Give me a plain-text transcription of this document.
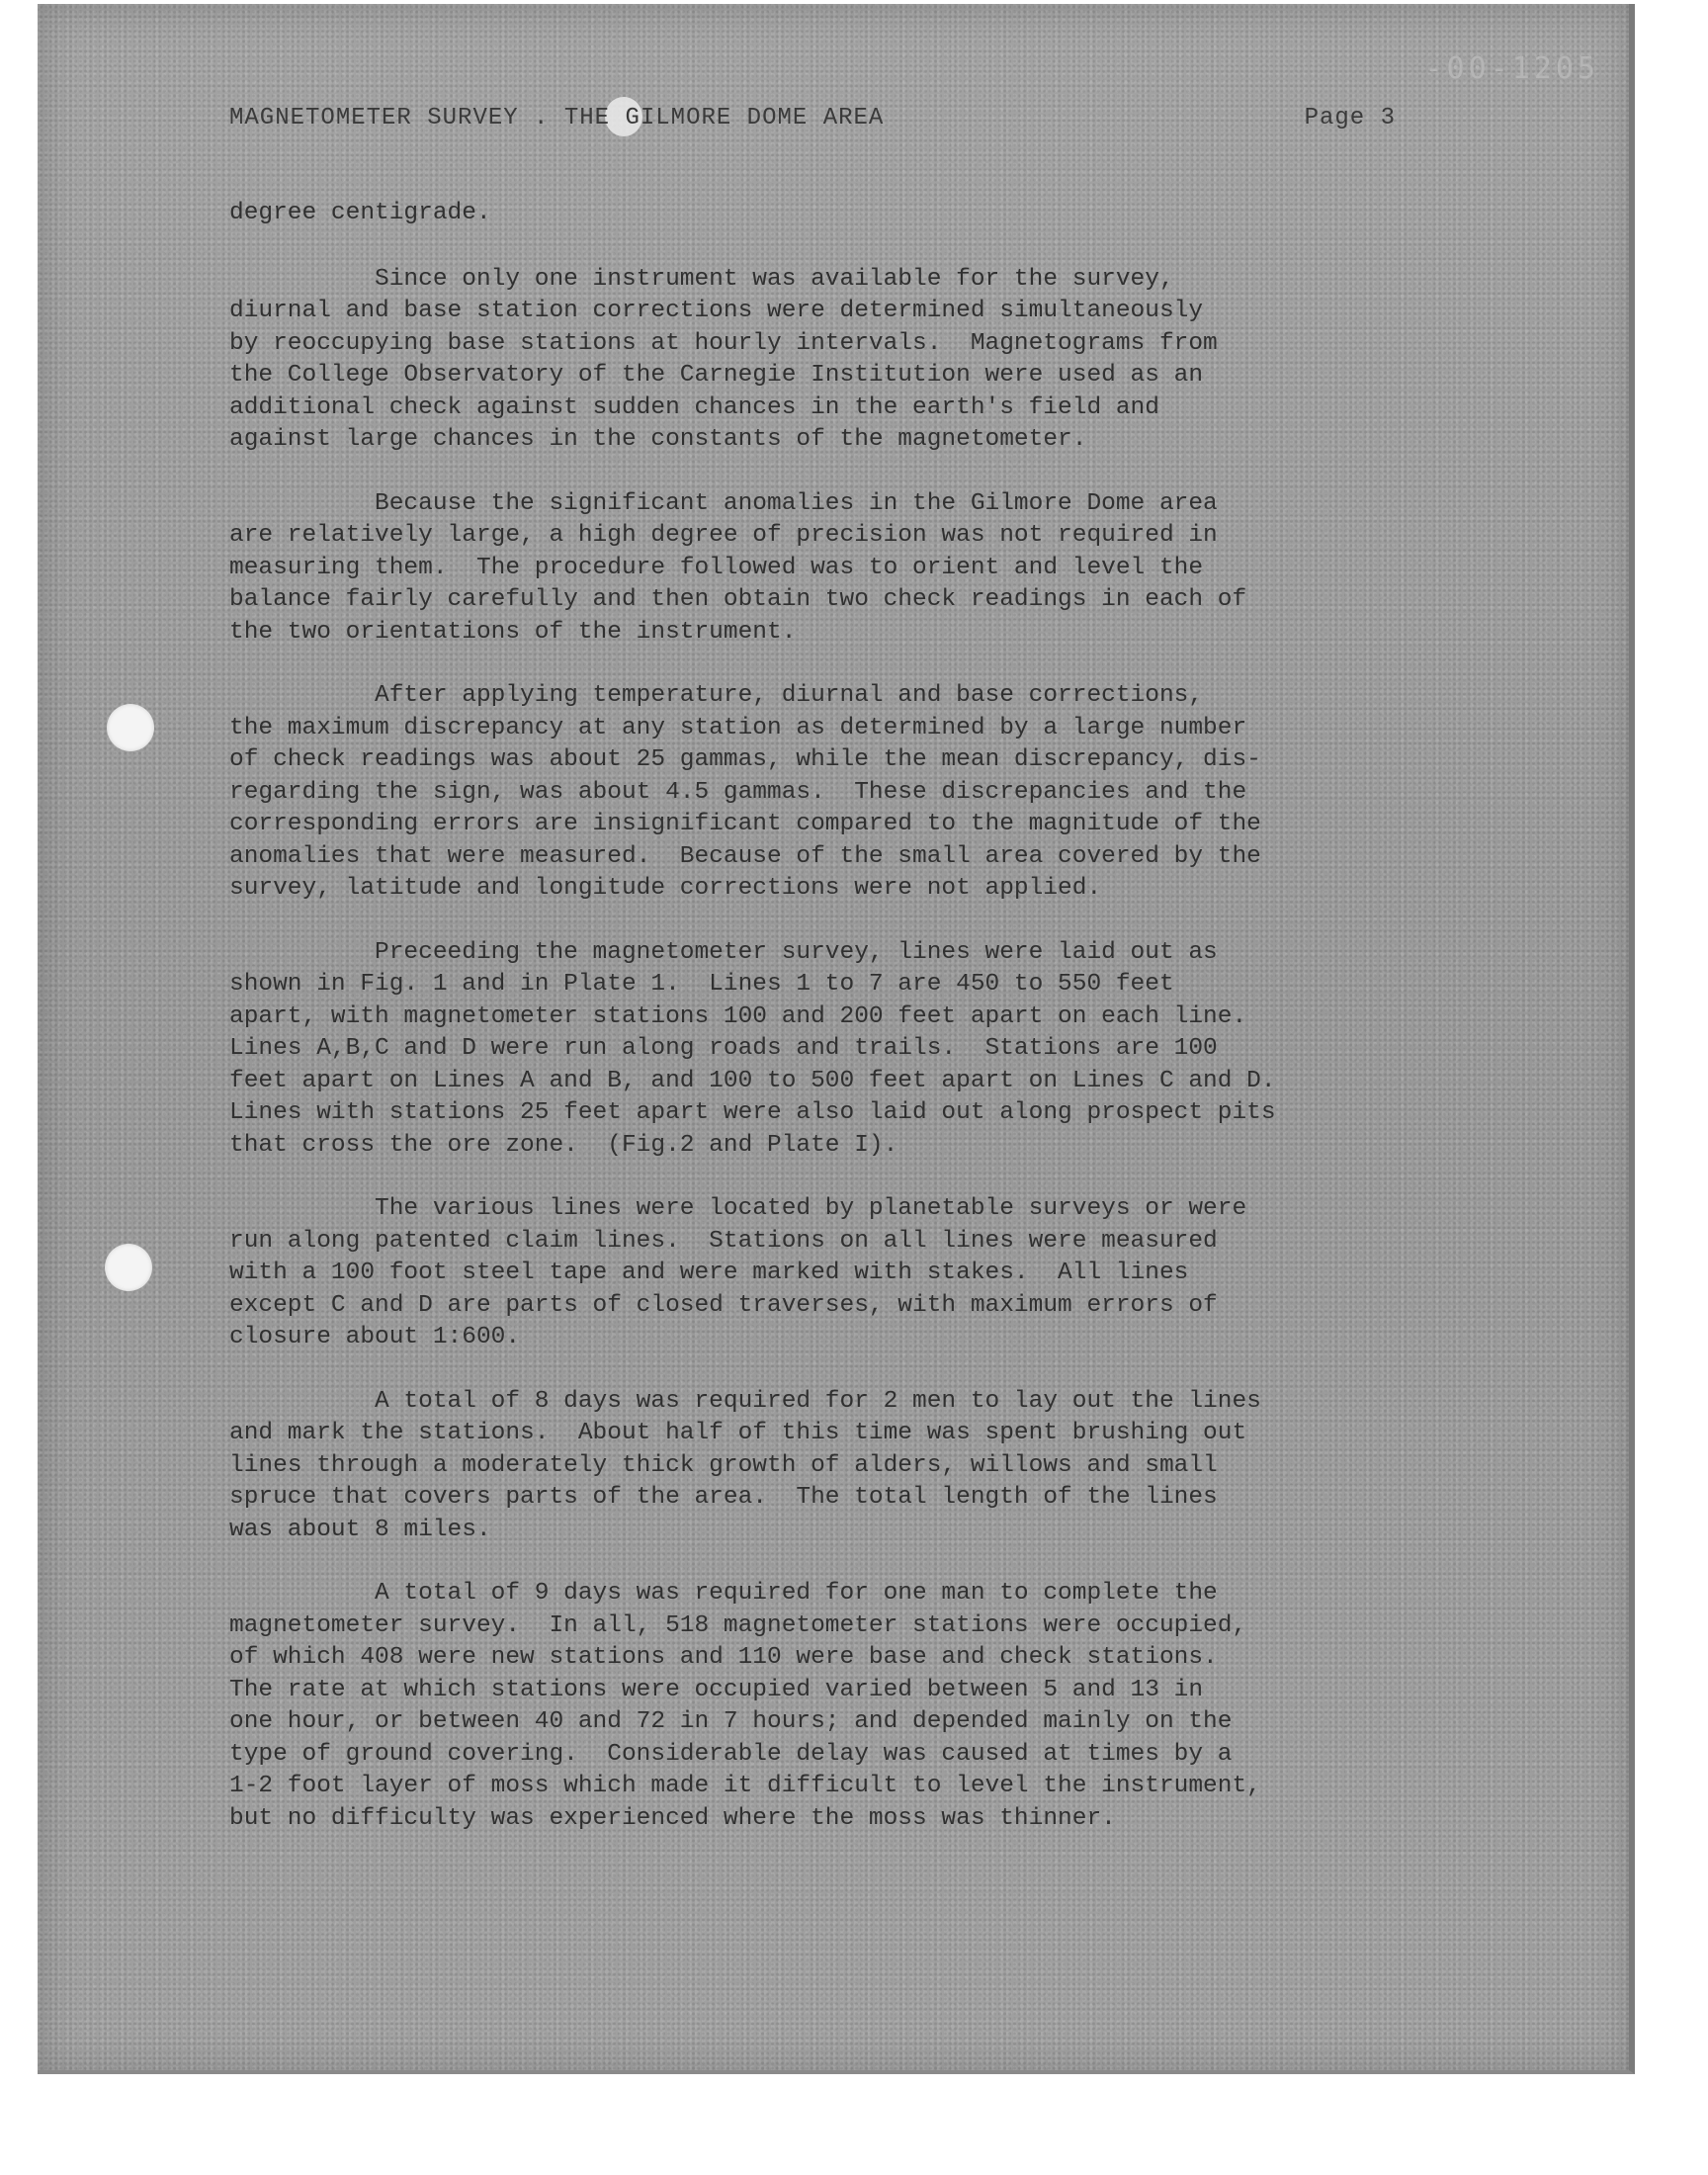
-00-1205
MAGNETOMETER SURVEY . THE GILMORE DOME AREA	Page 3
degree centigrade.
Since only one instrument was available for the survey,
diurnal and base station corrections were determined simultaneously
by reoccupying base stations at hourly intervals.  Magnetograms from
the College Observatory of the Carnegie Institution were used as an
additional check against sudden chances in the earth's field and
against large chances in the constants of the magnetometer.
Because the significant anomalies in the Gilmore Dome area
are relatively large, a high degree of precision was not required in
measuring them.  The procedure followed was to orient and level the
balance fairly carefully and then obtain two check readings in each of
the two orientations of the instrument.
After applying temperature, diurnal and base corrections,
the maximum discrepancy at any station as determined by a large number
of check readings was about 25 gammas, while the mean discrepancy, dis-
regarding the sign, was about 4.5 gammas.  These discrepancies and the
corresponding errors are insignificant compared to the magnitude of the
anomalies that were measured.  Because of the small area covered by the
survey, latitude and longitude corrections were not applied.
Preceeding the magnetometer survey, lines were laid out as
shown in Fig. 1 and in Plate 1.  Lines 1 to 7 are 450 to 550 feet
apart, with magnetometer stations 100 and 200 feet apart on each line.
Lines A,B,C and D were run along roads and trails.  Stations are 100
feet apart on Lines A and B, and 100 to 500 feet apart on Lines C and D.
Lines with stations 25 feet apart were also laid out along prospect pits
that cross the ore zone.  (Fig.2 and Plate I).
The various lines were located by planetable surveys or were
run along patented claim lines.  Stations on all lines were measured
with a 100 foot steel tape and were marked with stakes.  All lines
except C and D are parts of closed traverses, with maximum errors of
closure about 1:600.
A total of 8 days was required for 2 men to lay out the lines
and mark the stations.  About half of this time was spent brushing out
lines through a moderately thick growth of alders, willows and small
spruce that covers parts of the area.  The total length of the lines
was about 8 miles.
A total of 9 days was required for one man to complete the
magnetometer survey.  In all, 518 magnetometer stations were occupied,
of which 408 were new stations and 110 were base and check stations.
The rate at which stations were occupied varied between 5 and 13 in
one hour, or between 40 and 72 in 7 hours; and depended mainly on the
type of ground covering.  Considerable delay was caused at times by a
1-2 foot layer of moss which made it difficult to level the instrument,
but no difficulty was experienced where the moss was thinner.
